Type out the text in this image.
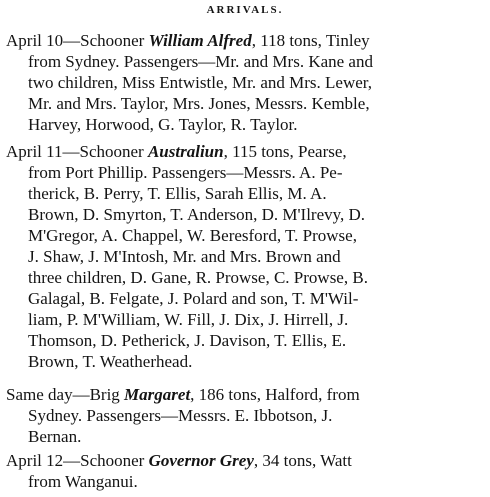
ARRIVALS.
April 10—Schooner William Alfred, 118 tons, Tinley
from Sydney. Passengers—Mr. and Mrs. Kane and
two children, Miss Entwistle, Mr. and Mrs. Lewer,
Mr. and Mrs. Taylor, Mrs. Jones, Messrs. Kemble,
Harvey, Horwood, G. Taylor, R. Taylor.
April 11—Schooner Australiun, 115 tons, Pearse,
from Port Phillip. Passengers—Messrs. A. Pe-
therick, B. Perry, T. Ellis, Sarah Ellis, M. A.
Brown, D. Smyrton, T. Anderson, D. M'Ilrevy, D.
M'Gregor, A. Chappel, W. Beresford, T. Prowse,
J. Shaw, J. M'Intosh, Mr. and Mrs. Brown and
three children, D. Gane, R. Prowse, C. Prowse, B.
Galagal, B. Felgate, J. Polard and son, T. M'Wil-
liam, P. M'William, W. Fill, J. Dix, J. Hirrell, J.
Thomson, D. Petherick, J. Davison, T. Ellis, E.
Brown, T. Weatherhead.
Same day—Brig Margaret, 186 tons, Halford, from
Sydney. Passengers—Messrs. E. Ibbotson, J.
Bernan.
April 12—Schooner Governor Grey, 34 tons, Watt
from Wanganui.
